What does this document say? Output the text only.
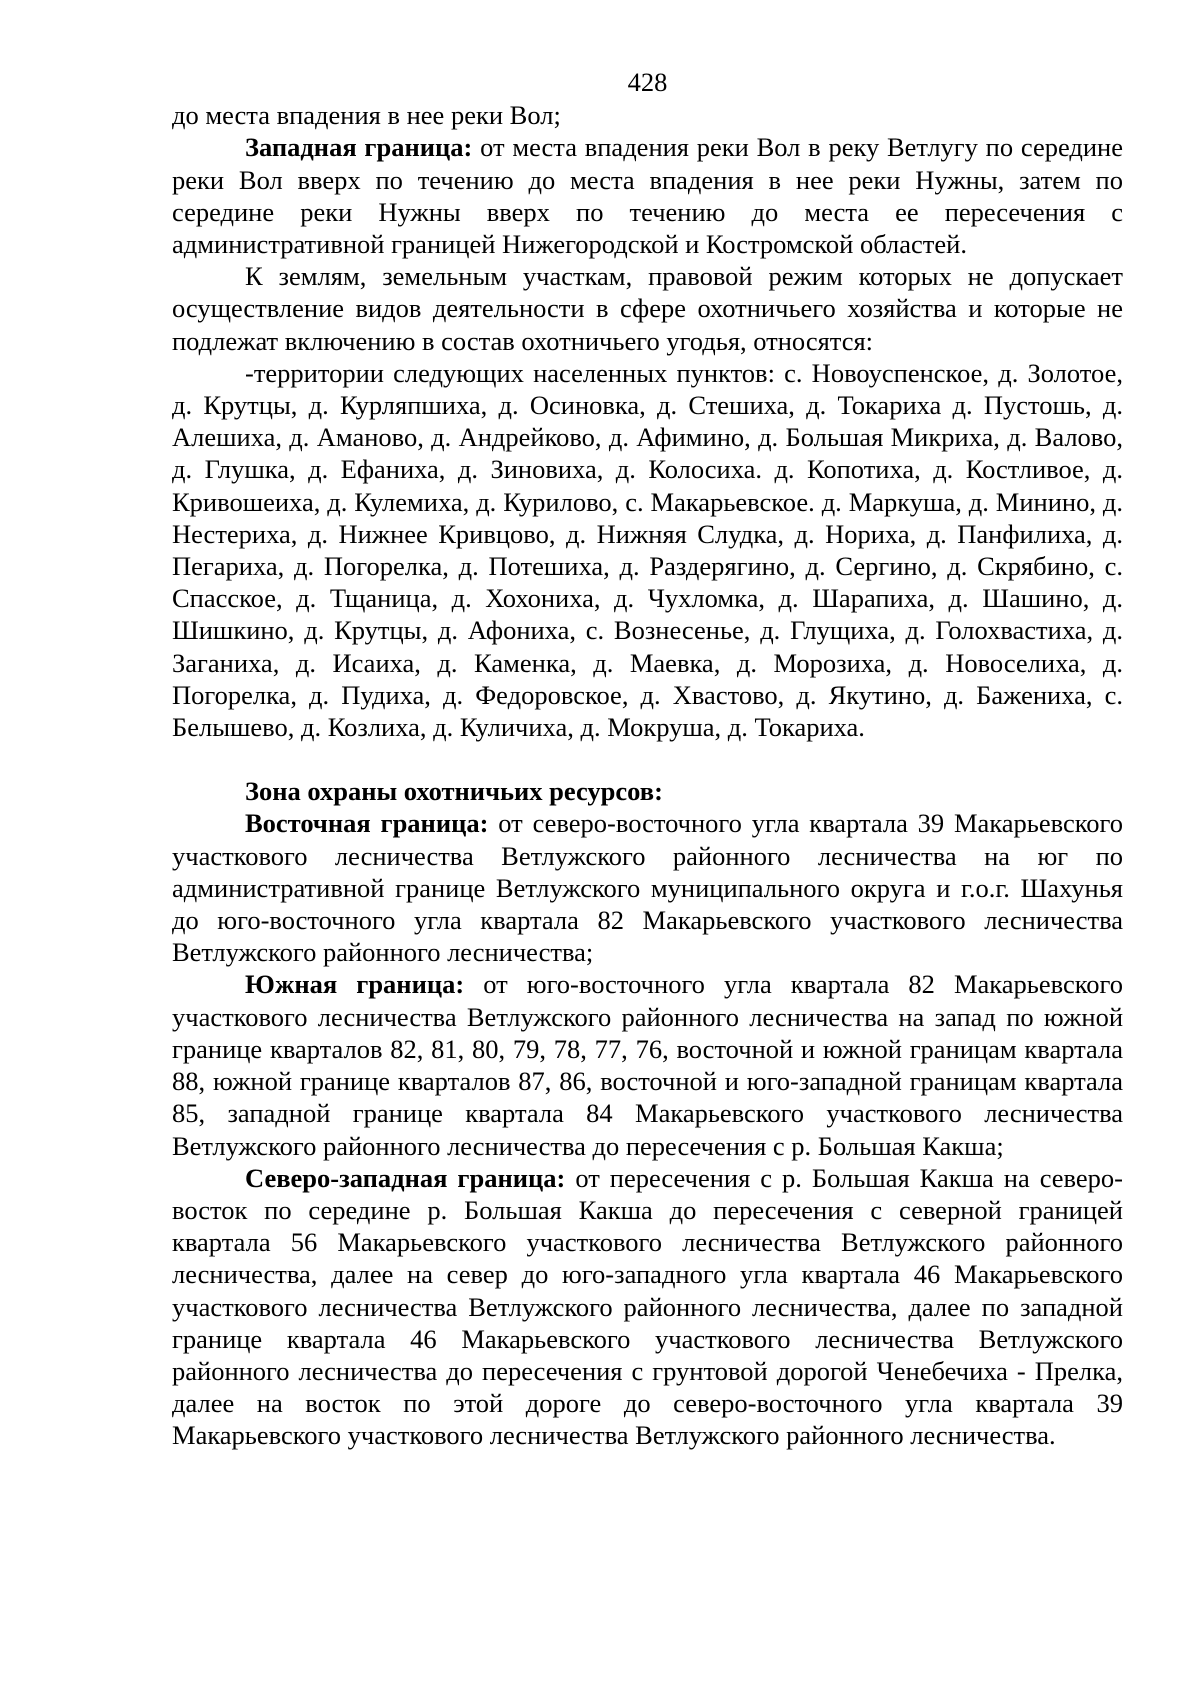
428

до места впадения в нее реки Вол;

Западная граница: от места впадения реки Вол в реку Ветлугу по середине реки Вол вверх по течению до места впадения в нее реки Нужны, затем по середине реки Нужны вверх по течению до места ее пересечения с административной границей Нижегородской и Костромской областей.

К землям, земельным участкам, правовой режим которых не допускает осуществление видов деятельности в сфере охотничьего хозяйства и которые не подлежат включению в состав охотничьего угодья, относятся:

-территории следующих населенных пунктов: с. Новоуспенское, д. Золотое, д. Крутцы, д. Курляпшиха, д. Осиновка, д. Стешиха, д. Токариха д. Пустошь, д. Алешиха, д. Аманово, д. Андрейково, д. Афимино, д. Большая Микриха, д. Валово, д. Глушка, д. Ефаниха, д. Зиновиха, д. Колосиха. д. Копотиха, д. Костливое, д. Кривошеиха, д. Кулемиха, д. Курилово, с. Макарьевское. д. Маркуша, д. Минино, д. Нестериха, д. Нижнее Кривцово, д. Нижняя Слудка, д. Нориха, д. Панфилиха, д. Пегариха, д. Погорелка, д. Потешиха, д. Раздерягино, д. Сергино, д. Скрябино, с. Спасское, д. Тщаница, д. Хохониха, д. Чухломка, д. Шарапиха, д. Шашино, д. Шишкино, д. Крутцы, д. Афониха, с. Вознесенье, д. Глущиха, д. Голохвастиха, д. Заганиха, д. Исаиха, д. Каменка, д. Маевка, д. Морозиха, д. Новоселиха, д. Погорелка, д. Пудиха, д. Федоровское, д. Хвастово, д. Якутино, д. Бажениха, с. Белышево, д. Козлиха, д. Куличиха, д. Мокруша, д. Токариха.

Зона охраны охотничьих ресурсов:

Восточная граница: от северо-восточного угла квартала 39 Макарьевского участкового лесничества Ветлужского районного лесничества на юг по административной границе Ветлужского муниципального округа и г.о.г. Шахунья до юго-восточного угла квартала 82 Макарьевского участкового лесничества Ветлужского районного лесничества;

Южная граница: от юго-восточного угла квартала 82 Макарьевского участкового лесничества Ветлужского районного лесничества на запад по южной границе кварталов 82, 81, 80, 79, 78, 77, 76, восточной и южной границам квартала 88, южной границе кварталов 87, 86, восточной и юго-западной границам квартала 85, западной границе квартала 84 Макарьевского участкового лесничества Ветлужского районного лесничества до пересечения с р. Большая Какша;

Северо-западная граница: от пересечения с р. Большая Какша на северо-восток по середине р. Большая Какша до пересечения с северной границей квартала 56 Макарьевского участкового лесничества Ветлужского районного лесничества, далее на север до юго-западного угла квартала 46 Макарьевского участкового лесничества Ветлужского районного лесничества, далее по западной границе квартала 46 Макарьевского участкового лесничества Ветлужского районного лесничества до пересечения с грунтовой дорогой Ченебечиха - Прелка, далее на восток по этой дороге до северо-восточного угла квартала 39 Макарьевского участкового лесничества Ветлужского районного лесничества.
